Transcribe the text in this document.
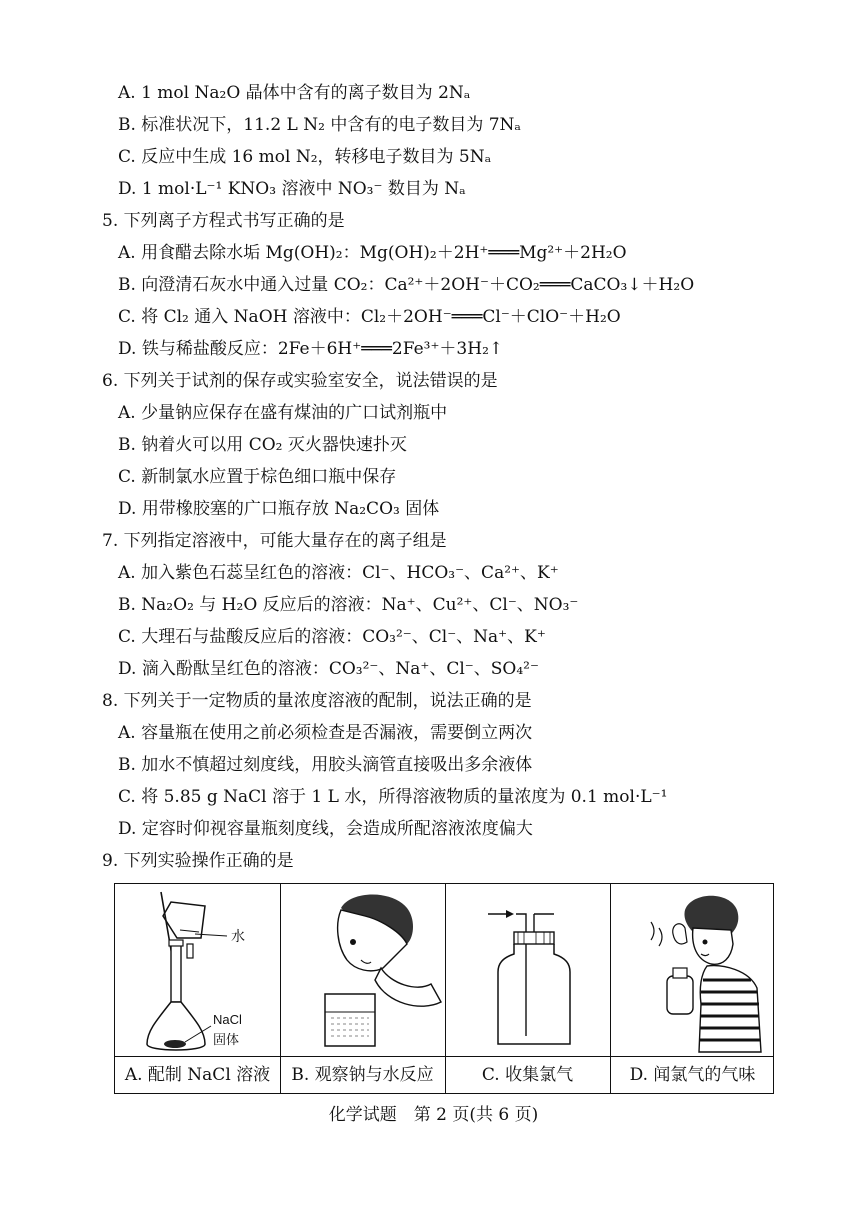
A. 1 mol Na₂O 晶体中含有的离子数目为 2Nₐ
B. 标准状况下，11.2 L N₂ 中含有的电子数目为 7Nₐ
C. 反应中生成 16 mol N₂，转移电子数目为 5Nₐ
D. 1 mol·L⁻¹ KNO₃ 溶液中 NO₃⁻ 数目为 Nₐ
5. 下列离子方程式书写正确的是
A. 用食醋去除水垢 Mg(OH)₂：Mg(OH)₂＋2H⁺═══Mg²⁺＋2H₂O
B. 向澄清石灰水中通入过量 CO₂：Ca²⁺＋2OH⁻＋CO₂═══CaCO₃↓＋H₂O
C. 将 Cl₂ 通入 NaOH 溶液中：Cl₂＋2OH⁻═══Cl⁻＋ClO⁻＋H₂O
D. 铁与稀盐酸反应：2Fe＋6H⁺═══2Fe³⁺＋3H₂↑
6. 下列关于试剂的保存或实验室安全，说法错误的是
A. 少量钠应保存在盛有煤油的广口试剂瓶中
B. 钠着火可以用 CO₂ 灭火器快速扑灭
C. 新制氯水应置于棕色细口瓶中保存
D. 用带橡胶塞的广口瓶存放 Na₂CO₃ 固体
7. 下列指定溶液中，可能大量存在的离子组是
A. 加入紫色石蕊呈红色的溶液：Cl⁻、HCO₃⁻、Ca²⁺、K⁺
B. Na₂O₂ 与 H₂O 反应后的溶液：Na⁺、Cu²⁺、Cl⁻、NO₃⁻
C. 大理石与盐酸反应后的溶液：CO₃²⁻、Cl⁻、Na⁺、K⁺
D. 滴入酚酞呈红色的溶液：CO₃²⁻、Na⁺、Cl⁻、SO₄²⁻
8. 下列关于一定物质的量浓度溶液的配制，说法正确的是
A. 容量瓶在使用之前必须检查是否漏液，需要倒立两次
B. 加水不慎超过刻度线，用胶头滴管直接吸出多余液体
C. 将 5.85 g NaCl 溶于 1 L 水，所得溶液物质的量浓度为 0.1 mol·L⁻¹
D. 定容时仰视容量瓶刻度线，会造成所配溶液浓度偏大
9. 下列实验操作正确的是
水
NaCl
固体
A. 配制 NaCl 溶液	B. 观察钠与水反应	C. 收集氯气	D. 闻氯气的气味
化学试题　第 2 页(共 6 页)
